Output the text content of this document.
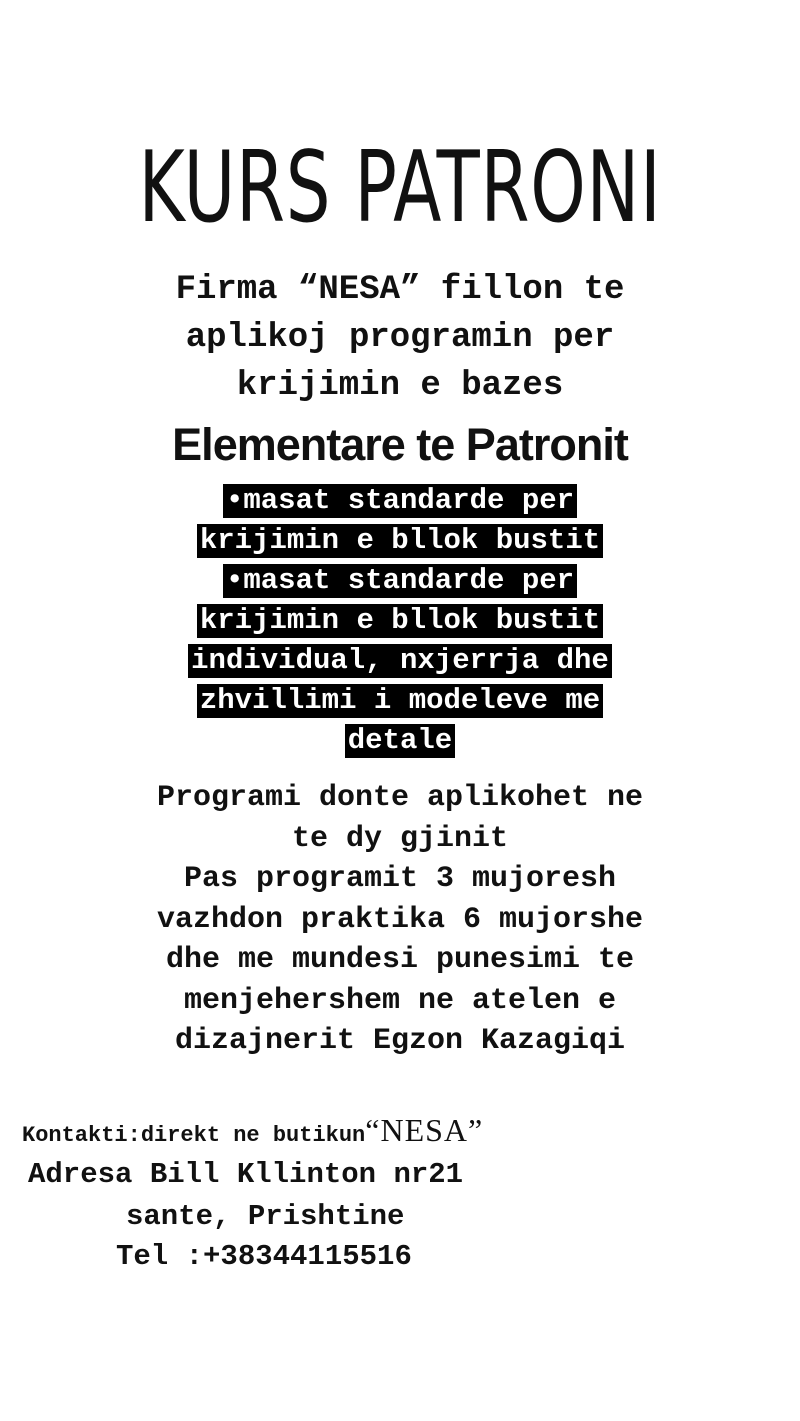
KURS PATRONI
Firma “NESA” fillon te
aplikoj programin per
krijimin e bazes
Elementare te Patronit
•masat standarde per
krijimin e bllok bustit
•masat standarde per
krijimin e bllok bustit
individual, nxjerrja dhe
zhvillimi i modeleve me
detale
Programi donte aplikohet ne
te dy gjinit
Pas programit 3 mujoresh
vazhdon praktika 6 mujorshe
dhe me mundesi punesimi te
menjehershem ne atelen e
dizajnerit Egzon Kazagiqi
Kontakti:direkt ne butikun“NESA”
Adresa Bill Kllinton nr21
sante, Prishtine
Tel :+38344115516
